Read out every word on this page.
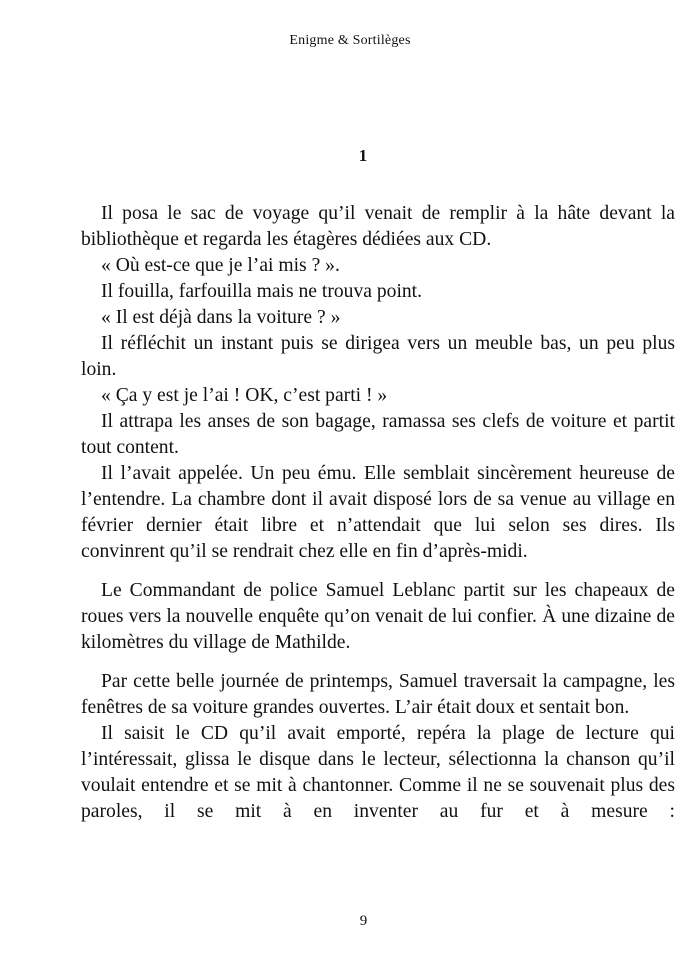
Enigme & Sortilèges
1

Il posa le sac de voyage qu’il venait de remplir à la hâte devant la bibliothèque et regarda les étagères dédiées aux CD.

« Où est-ce que je l’ai mis ? ».

Il fouilla, farfouilla mais ne trouva point.

« Il est déjà dans la voiture ? »

Il réfléchit un instant puis se dirigea vers un meuble bas, un peu plus loin.

« Ça y est je l’ai ! OK, c’est parti ! »

Il attrapa les anses de son bagage, ramassa ses clefs de voiture et partit tout content.

Il l’avait appelée. Un peu ému. Elle semblait sincèrement heureuse de l’entendre. La chambre dont il avait disposé lors de sa venue au village en février dernier était libre et n’attendait que lui selon ses dires. Ils convinrent qu’il se rendrait chez elle en fin d’après-midi.

Le Commandant de police Samuel Leblanc partit sur les chapeaux de roues vers la nouvelle enquête qu’on venait de lui confier. À une dizaine de kilomètres du village de Mathilde.

Par cette belle journée de printemps, Samuel traversait la campagne, les fenêtres de sa voiture grandes ouvertes. L’air était doux et sentait bon.

Il saisit le CD qu’il avait emporté, repéra la plage de lecture qui l’intéressait, glissa le disque dans le lecteur, sélectionna la chanson qu’il voulait entendre et se mit à chantonner. Comme il ne se souvenait plus des paroles, il se mit à en inventer au fur et à mesure :

9
